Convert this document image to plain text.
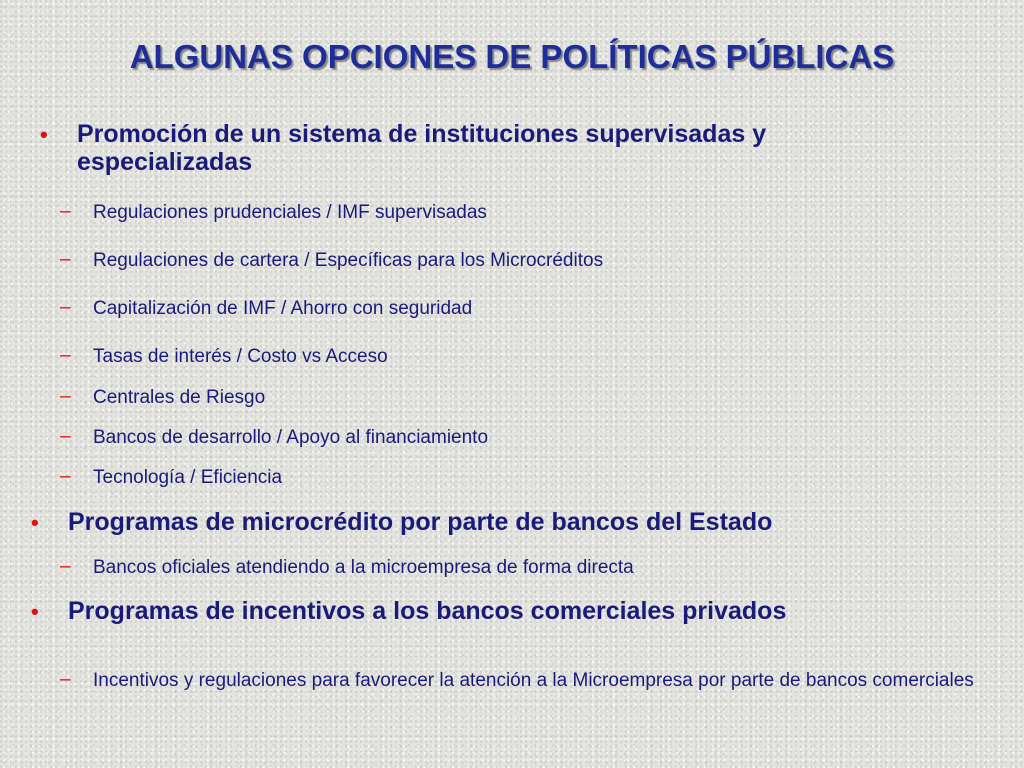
ALGUNAS OPCIONES DE POLÍTICAS PÚBLICAS
• Promoción de un sistema de instituciones supervisadas y especializadas
– Regulaciones prudenciales / IMF supervisadas
– Regulaciones de cartera / Específicas para los Microcréditos
– Capitalización de IMF / Ahorro con seguridad
– Tasas de interés / Costo vs Acceso
– Centrales de Riesgo
– Bancos de desarrollo / Apoyo al financiamiento
– Tecnología / Eficiencia
• Programas de microcrédito por parte de bancos del Estado
– Bancos oficiales atendiendo a la microempresa de forma directa
• Programas de incentivos a los bancos comerciales privados
– Incentivos y regulaciones para favorecer la atención a la Microempresa por parte de bancos comerciales
